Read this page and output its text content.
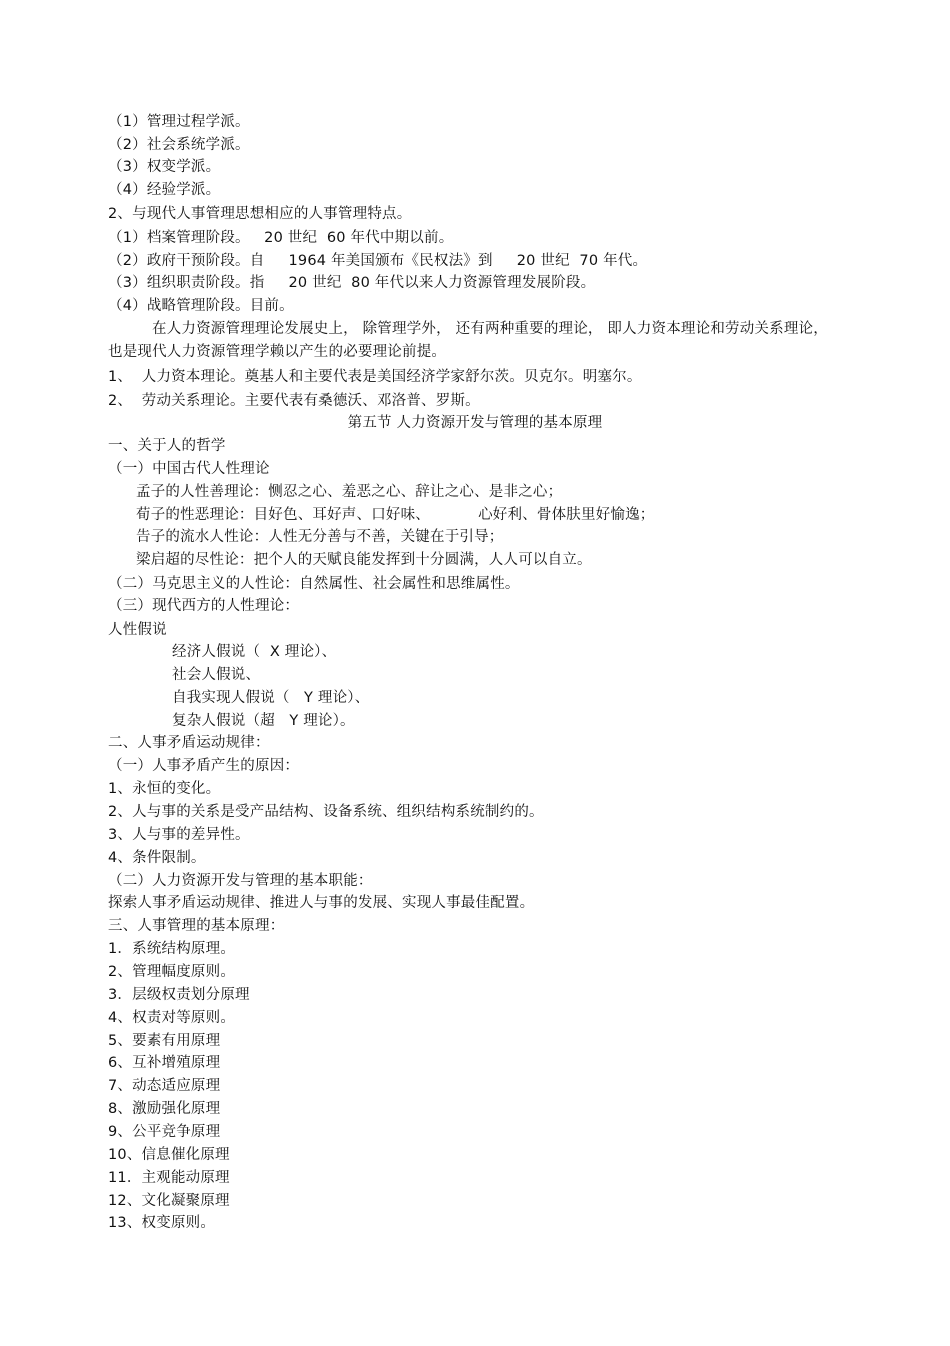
（1）管理过程学派。
（2）社会系统学派。
（3）权变学派。
（4）经验学派。
2、与现代人事管理思想相应的人事管理特点。
（1）档案管理阶段。   20 世纪  60 年代中期以前。
（2）政府干预阶段。自     1964 年美国颁布《民权法》到     20 世纪  70 年代。
（3）组织职责阶段。指     20 世纪  80 年代以来人力资源管理发展阶段。
（4）战略管理阶段。目前。
在人力资源管理理论发展史上， 除管理学外， 还有两种重要的理论， 即人力资本理论和劳动关系理论，也是现代人力资源管理学赖以产生的必要理论前提。
1、  人力资本理论。奠基人和主要代表是美国经济学家舒尔茨。贝克尔。明塞尔。
2、  劳动关系理论。主要代表有桑德沃、邓洛普、罗斯。
第五节 人力资源开发与管理的基本原理
一、关于人的哲学
（一）中国古代人性理论
孟子的人性善理论：恻忍之心、羞恶之心、辞让之心、是非之心；
荀子的性恶理论：目好色、耳好声、口好味、          心好利、骨体肤里好愉逸；
告子的流水人性论：人性无分善与不善，关键在于引导；
梁启超的尽性论：把个人的天赋良能发挥到十分圆满，人人可以自立。
（二）马克思主义的人性论：自然属性、社会属性和思维属性。
（三）现代西方的人性理论：
人性假说
经济人假说（  X 理论）、
社会人假说、
自我实现人假说（   Y 理论）、
复杂人假说（超   Y 理论）。
二、人事矛盾运动规律：
（一）人事矛盾产生的原因：
1、永恒的变化。
2、人与事的关系是受产品结构、设备系统、组织结构系统制约的。
3、人与事的差异性。
4、条件限制。
（二）人力资源开发与管理的基本职能：
探索人事矛盾运动规律、推进人与事的发展、实现人事最佳配置。
三、人事管理的基本原理：
1．系统结构原理。
2、管理幅度原则。
3．层级权责划分原理
4、权责对等原则。
5、要素有用原理
6、互补增殖原理
7、动态适应原理
8、激励强化原理
9、公平竞争原理
10、信息催化原理
11．主观能动原理
12、文化凝聚原理
13、权变原则。
